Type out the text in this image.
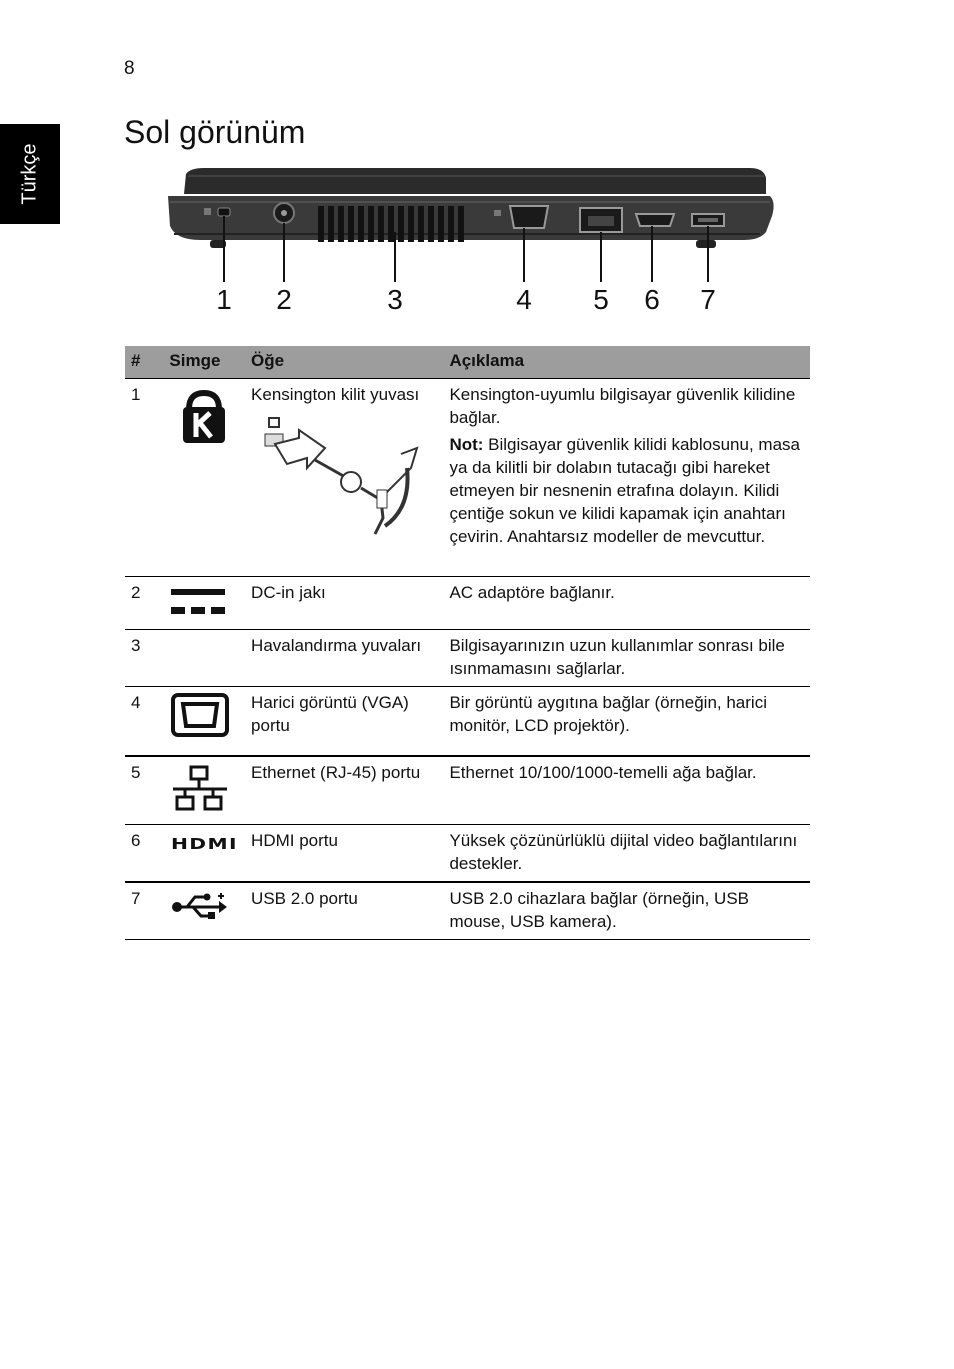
8
Türkçe
Sol görünüm
1 2	3	4 5 6 7
#	Simge	Öğe	Açıklama
1		Kensington kilit yuvası	Kensington-uyumlu bilgisayar güvenlik kilidine bağlar.
Not: Bilgisayar güvenlik kilidi kablosunu, masa ya da kilitli bir dolabın tutacağı gibi hareket etmeyen bir nesnenin etrafına dolayın. Kilidi çentiğe sokun ve kilidi kapamak için anahtarı çevirin. Anahtarsız modeller de mevcuttur.

2		DC-in jakı	AC adaptöre bağlanır.
3		Havalandırma yuvaları	Bilgisayarınızın uzun kullanımlar sonrası bile ısınmamasını sağlarlar.
4		Harici görüntü (VGA) portu	Bir görüntü aygıtına bağlar (örneğin, harici monitör, LCD projektör).
5		Ethernet (RJ-45) portu	Ethernet 10/100/1000-temelli ağa bağlar.
6	HDMI	HDMI portu	Yüksek çözünürlüklü dijital video bağlantılarını destekler.
7		USB 2.0 portu	USB 2.0 cihazlara bağlar (örneğin, USB mouse, USB kamera).
